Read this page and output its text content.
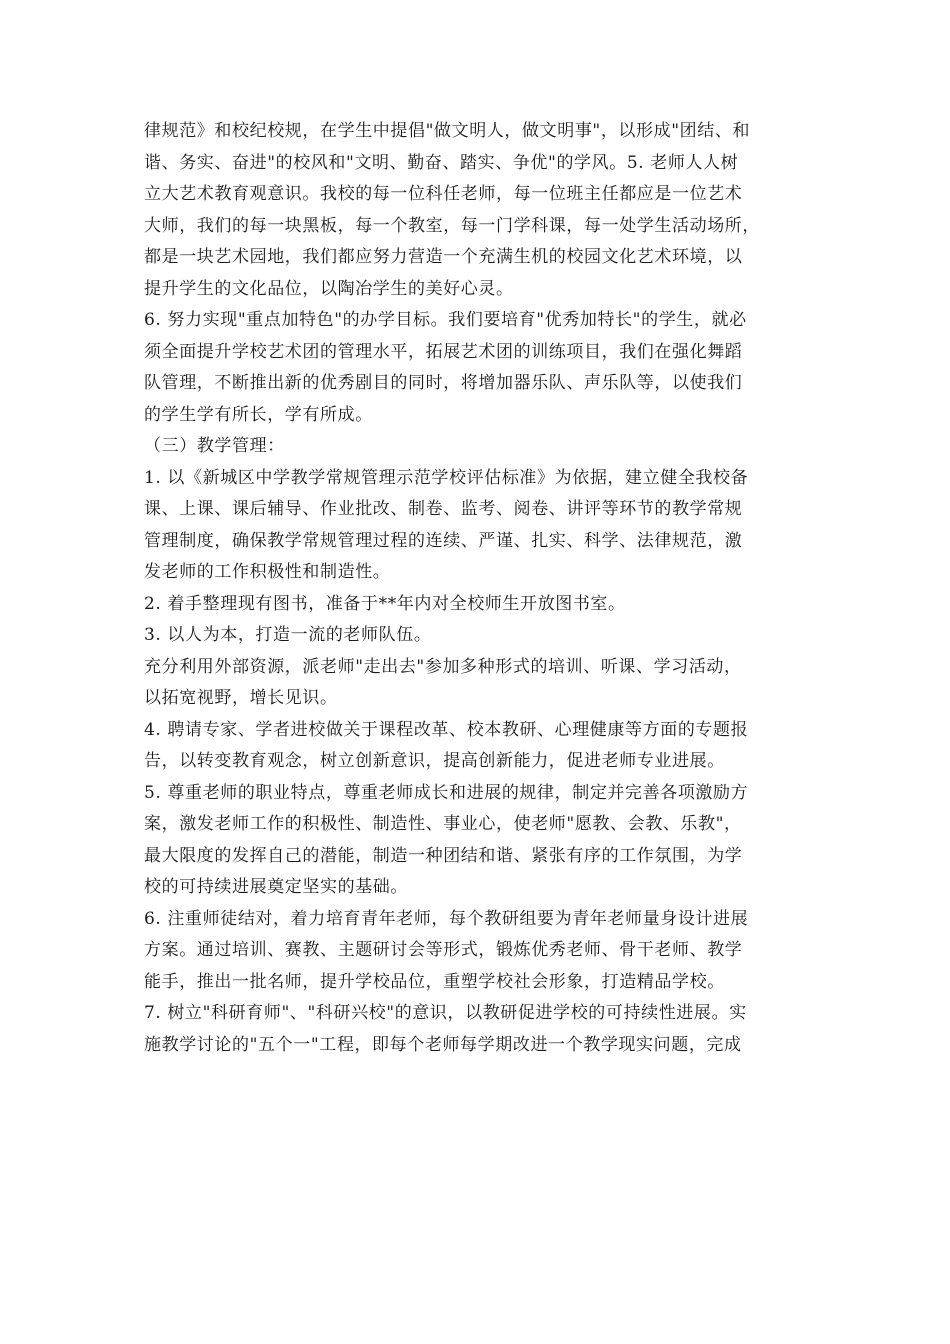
律规范》和校纪校规，在学生中提倡"做文明人，做文明事"，以形成"团结、和
谐、务实、奋进"的校风和"文明、勤奋、踏实、争优"的学风。5. 老师人人树
立大艺术教育观意识。我校的每一位科任老师，每一位班主任都应是一位艺术
大师，我们的每一块黑板，每一个教室，每一门学科课，每一处学生活动场所，
都是一块艺术园地，我们都应努力营造一个充满生机的校园文化艺术环境，以
提升学生的文化品位，以陶冶学生的美好心灵。
6. 努力实现"重点加特色"的办学目标。我们要培育"优秀加特长"的学生，就必
须全面提升学校艺术团的管理水平，拓展艺术团的训练项目，我们在强化舞蹈
队管理，不断推出新的优秀剧目的同时，将增加器乐队、声乐队等，以使我们
的学生学有所长，学有所成。
（三）教学管理：
1. 以《新城区中学教学常规管理示范学校评估标准》为依据，建立健全我校备
课、上课、课后辅导、作业批改、制卷、监考、阅卷、讲评等环节的教学常规
管理制度，确保教学常规管理过程的连续、严谨、扎实、科学、法律规范，激
发老师的工作积极性和制造性。
2. 着手整理现有图书，准备于**年内对全校师生开放图书室。
3. 以人为本，打造一流的老师队伍。
充分利用外部资源，派老师"走出去"参加多种形式的培训、听课、学习活动，
以拓宽视野，增长见识。
4. 聘请专家、学者进校做关于课程改革、校本教研、心理健康等方面的专题报
告，以转变教育观念，树立创新意识，提高创新能力，促进老师专业进展。
5. 尊重老师的职业特点，尊重老师成长和进展的规律，制定并完善各项激励方
案，激发老师工作的积极性、制造性、事业心，使老师"愿教、会教、乐教"，
最大限度的发挥自己的潜能，制造一种团结和谐、紧张有序的工作氛围，为学
校的可持续进展奠定坚实的基础。
6. 注重师徒结对，着力培育青年老师，每个教研组要为青年老师量身设计进展
方案。通过培训、赛教、主题研讨会等形式，锻炼优秀老师、骨干老师、教学
能手，推出一批名师，提升学校品位，重塑学校社会形象，打造精品学校。
7. 树立"科研育师"、"科研兴校"的意识，以教研促进学校的可持续性进展。实
施教学讨论的"五个一"工程，即每个老师每学期改进一个教学现实问题，完成
